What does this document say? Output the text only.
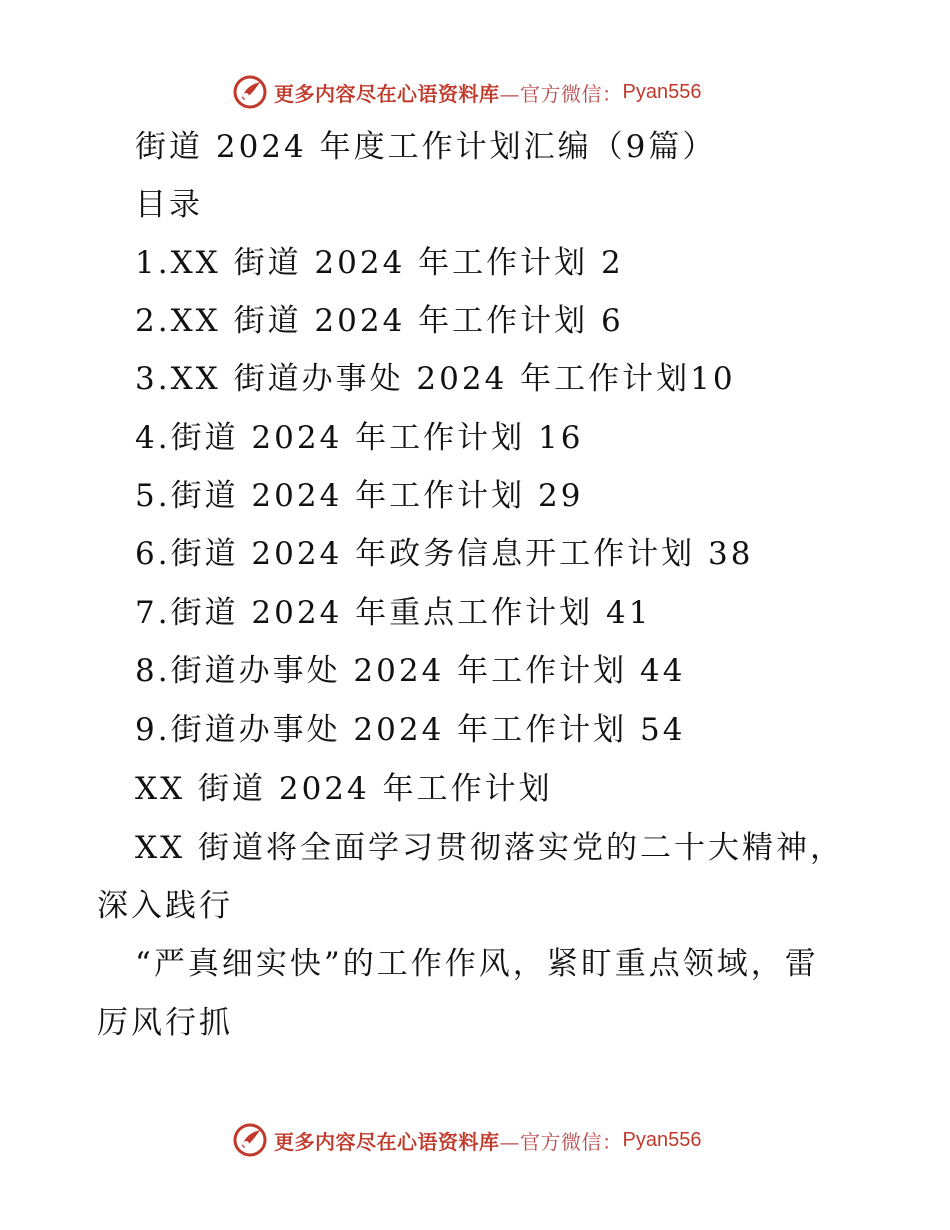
更多内容尽在心语资料库 —官方微信： Pyan556
街道 2024 年度工作计划汇编（9篇）
目录
1.XX 街道 2024 年工作计划 2
2.XX 街道 2024 年工作计划 6
3.XX 街道办事处 2024 年工作计划10
4.街道 2024 年工作计划 16
5.街道 2024 年工作计划 29
6.街道 2024 年政务信息开工作计划 38
7.街道 2024 年重点工作计划 41
8.街道办事处 2024 年工作计划 44
9.街道办事处 2024 年工作计划 54
XX 街道 2024 年工作计划
XX 街道将全面学习贯彻落实党的二十大精神，
深入践行
“严真细实快”的工作作风，紧盯重点领域，雷
厉风行抓
更多内容尽在心语资料库 —官方微信： Pyan556
